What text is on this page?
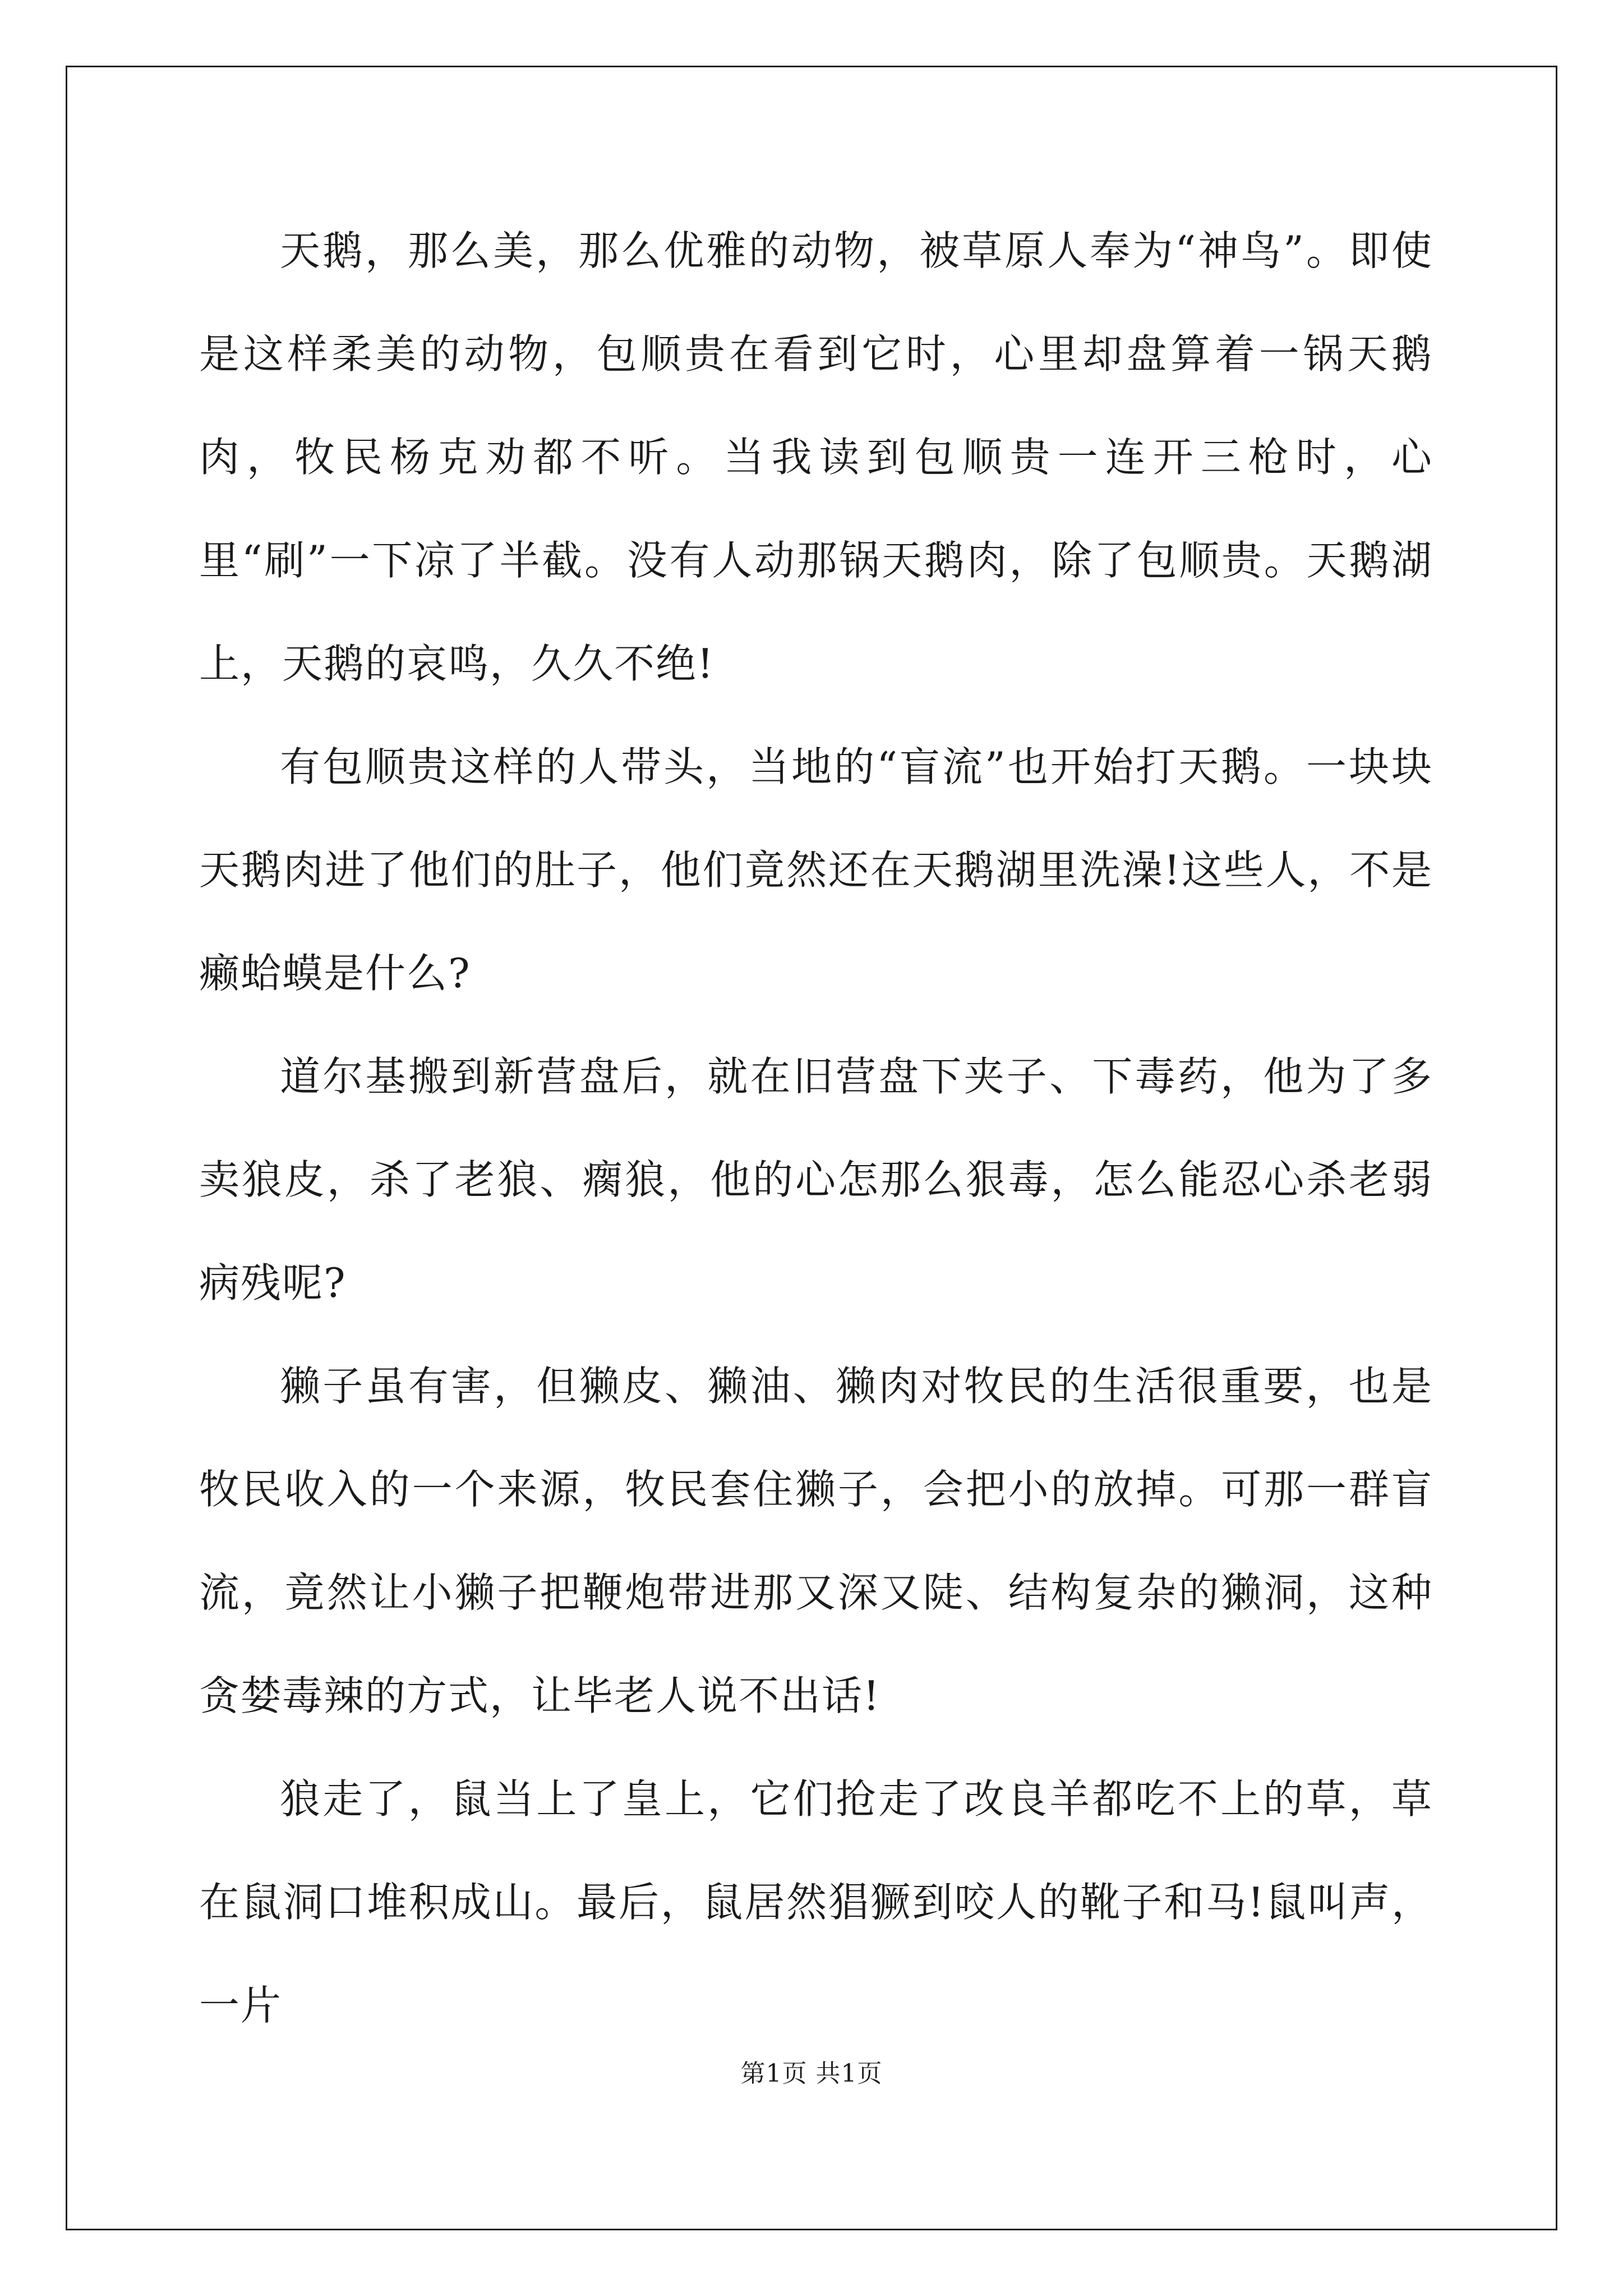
天鹅，那么美，那么优雅的动物，被草原人奉为“神鸟”。即使是这样柔美的动物，包顺贵在看到它时，心里却盘算着一锅天鹅肉，牧民杨克劝都不听。当我读到包顺贵一连开三枪时，心里“刷”一下凉了半截。没有人动那锅天鹅肉，除了包顺贵。天鹅湖上，天鹅的哀鸣，久久不绝!

有包顺贵这样的人带头，当地的“盲流”也开始打天鹅。一块块天鹅肉进了他们的肚子，他们竟然还在天鹅湖里洗澡!这些人，不是癞蛤蟆是什么?

道尔基搬到新营盘后，就在旧营盘下夹子、下毒药，他为了多卖狼皮，杀了老狼、瘸狼，他的心怎那么狠毒，怎么能忍心杀老弱病残呢?

獭子虽有害，但獭皮、獭油、獭肉对牧民的生活很重要，也是牧民收入的一个来源，牧民套住獭子，会把小的放掉。可那一群盲流，竟然让小獭子把鞭炮带进那又深又陡、结构复杂的獭洞，这种贪婪毒辣的方式，让毕老人说不出话!

狼走了，鼠当上了皇上，它们抢走了改良羊都吃不上的草，草在鼠洞口堆积成山。最后，鼠居然猖獗到咬人的靴子和马!鼠叫声，一片

第1页 共1页
